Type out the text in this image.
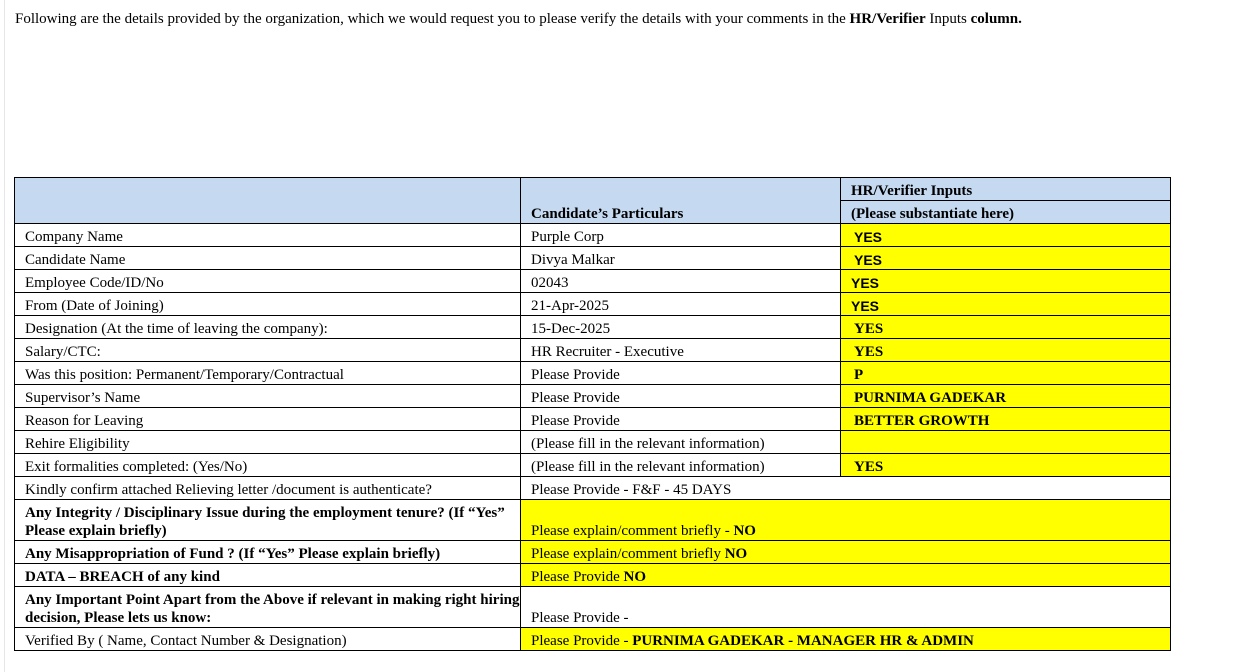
Following are the details provided by the organization, which we would request you to please verify the details with your comments in the HR/Verifier Inputs column.
	Candidate’s Particulars	HR/Verifier Inputs
		(Please substantiate here)
Company Name	Purple Corp	YES
Candidate Name	Divya Malkar	YES
Employee Code/ID/No	02043	YES
From (Date of Joining)	21-Apr-2025	YES
Designation (At the time of leaving the company):	15-Dec-2025	YES
Salary/CTC:	HR Recruiter - Executive	YES
Was this position: Permanent/Temporary/Contractual	Please Provide	P
Supervisor’s Name	Please Provide	PURNIMA GADEKAR
Reason for Leaving	Please Provide	BETTER GROWTH
Rehire Eligibility	(Please fill in the relevant information)	
Exit formalities completed: (Yes/No)	(Please fill in the relevant information)	YES
Kindly confirm attached Relieving letter /document is authenticate?	Please Provide - F&F - 45 DAYS	
Any Integrity / Disciplinary Issue during the employment tenure? (If “Yes” Please explain briefly)	Please explain/comment briefly - NO	
Any Misappropriation of Fund ? (If “Yes” Please explain briefly)	Please explain/comment briefly NO	
DATA – BREACH of any kind	Please Provide NO	
Any Important Point Apart from the Above if relevant in making right hiring decision, Please lets us know:	Please Provide -	
Verified By ( Name, Contact Number & Designation)	Please Provide - PURNIMA GADEKAR - MANAGER HR & ADMIN	
